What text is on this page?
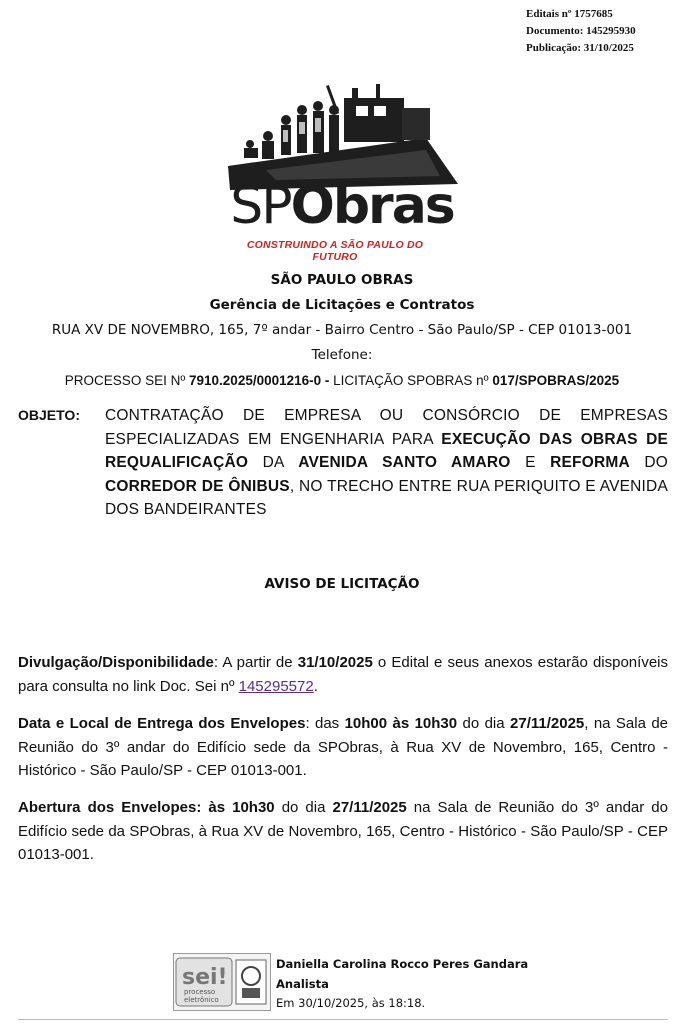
Editais nº 1757685
Documento: 145295930
Publicação: 31/10/2025
SPObras
CONSTRUINDO A SÃO PAULO DO FUTURO
SÃO PAULO OBRAS
Gerência de Licitações e Contratos
RUA XV DE NOVEMBRO, 165, 7º andar - Bairro Centro - São Paulo/SP - CEP 01013-001
Telefone:
PROCESSO SEI Nº 7910.2025/0001216-0 - LICITAÇÃO SPOBRAS nº 017/SPOBRAS/2025
OBJETO: CONTRATAÇÃO DE EMPRESA OU CONSÓRCIO DE EMPRESAS ESPECIALIZADAS EM ENGENHARIA PARA EXECUÇÃO DAS OBRAS DE REQUALIFICAÇÃO DA AVENIDA SANTO AMARO E REFORMA DO CORREDOR DE ÔNIBUS, NO TRECHO ENTRE RUA PERIQUITO E AVENIDA DOS BANDEIRANTES
AVISO DE LICITAÇÃO
Divulgação/Disponibilidade: A partir de 31/10/2025 o Edital e seus anexos estarão disponíveis para consulta no link Doc. Sei nº 145295572.
Data e Local de Entrega dos Envelopes: das 10h00 às 10h30 do dia 27/11/2025, na Sala de Reunião do 3º andar do Edifício sede da SPObras, à Rua XV de Novembro, 165, Centro - Histórico - São Paulo/SP - CEP 01013-001.
Abertura dos Envelopes: às 10h30 do dia 27/11/2025 na Sala de Reunião do 3º andar do Edifício sede da SPObras, à Rua XV de Novembro, 165, Centro - Histórico - São Paulo/SP - CEP 01013-001.
sei!
processo
eletrônico
Daniella Carolina Rocco Peres Gandara
Analista
Em 30/10/2025, às 18:18.
